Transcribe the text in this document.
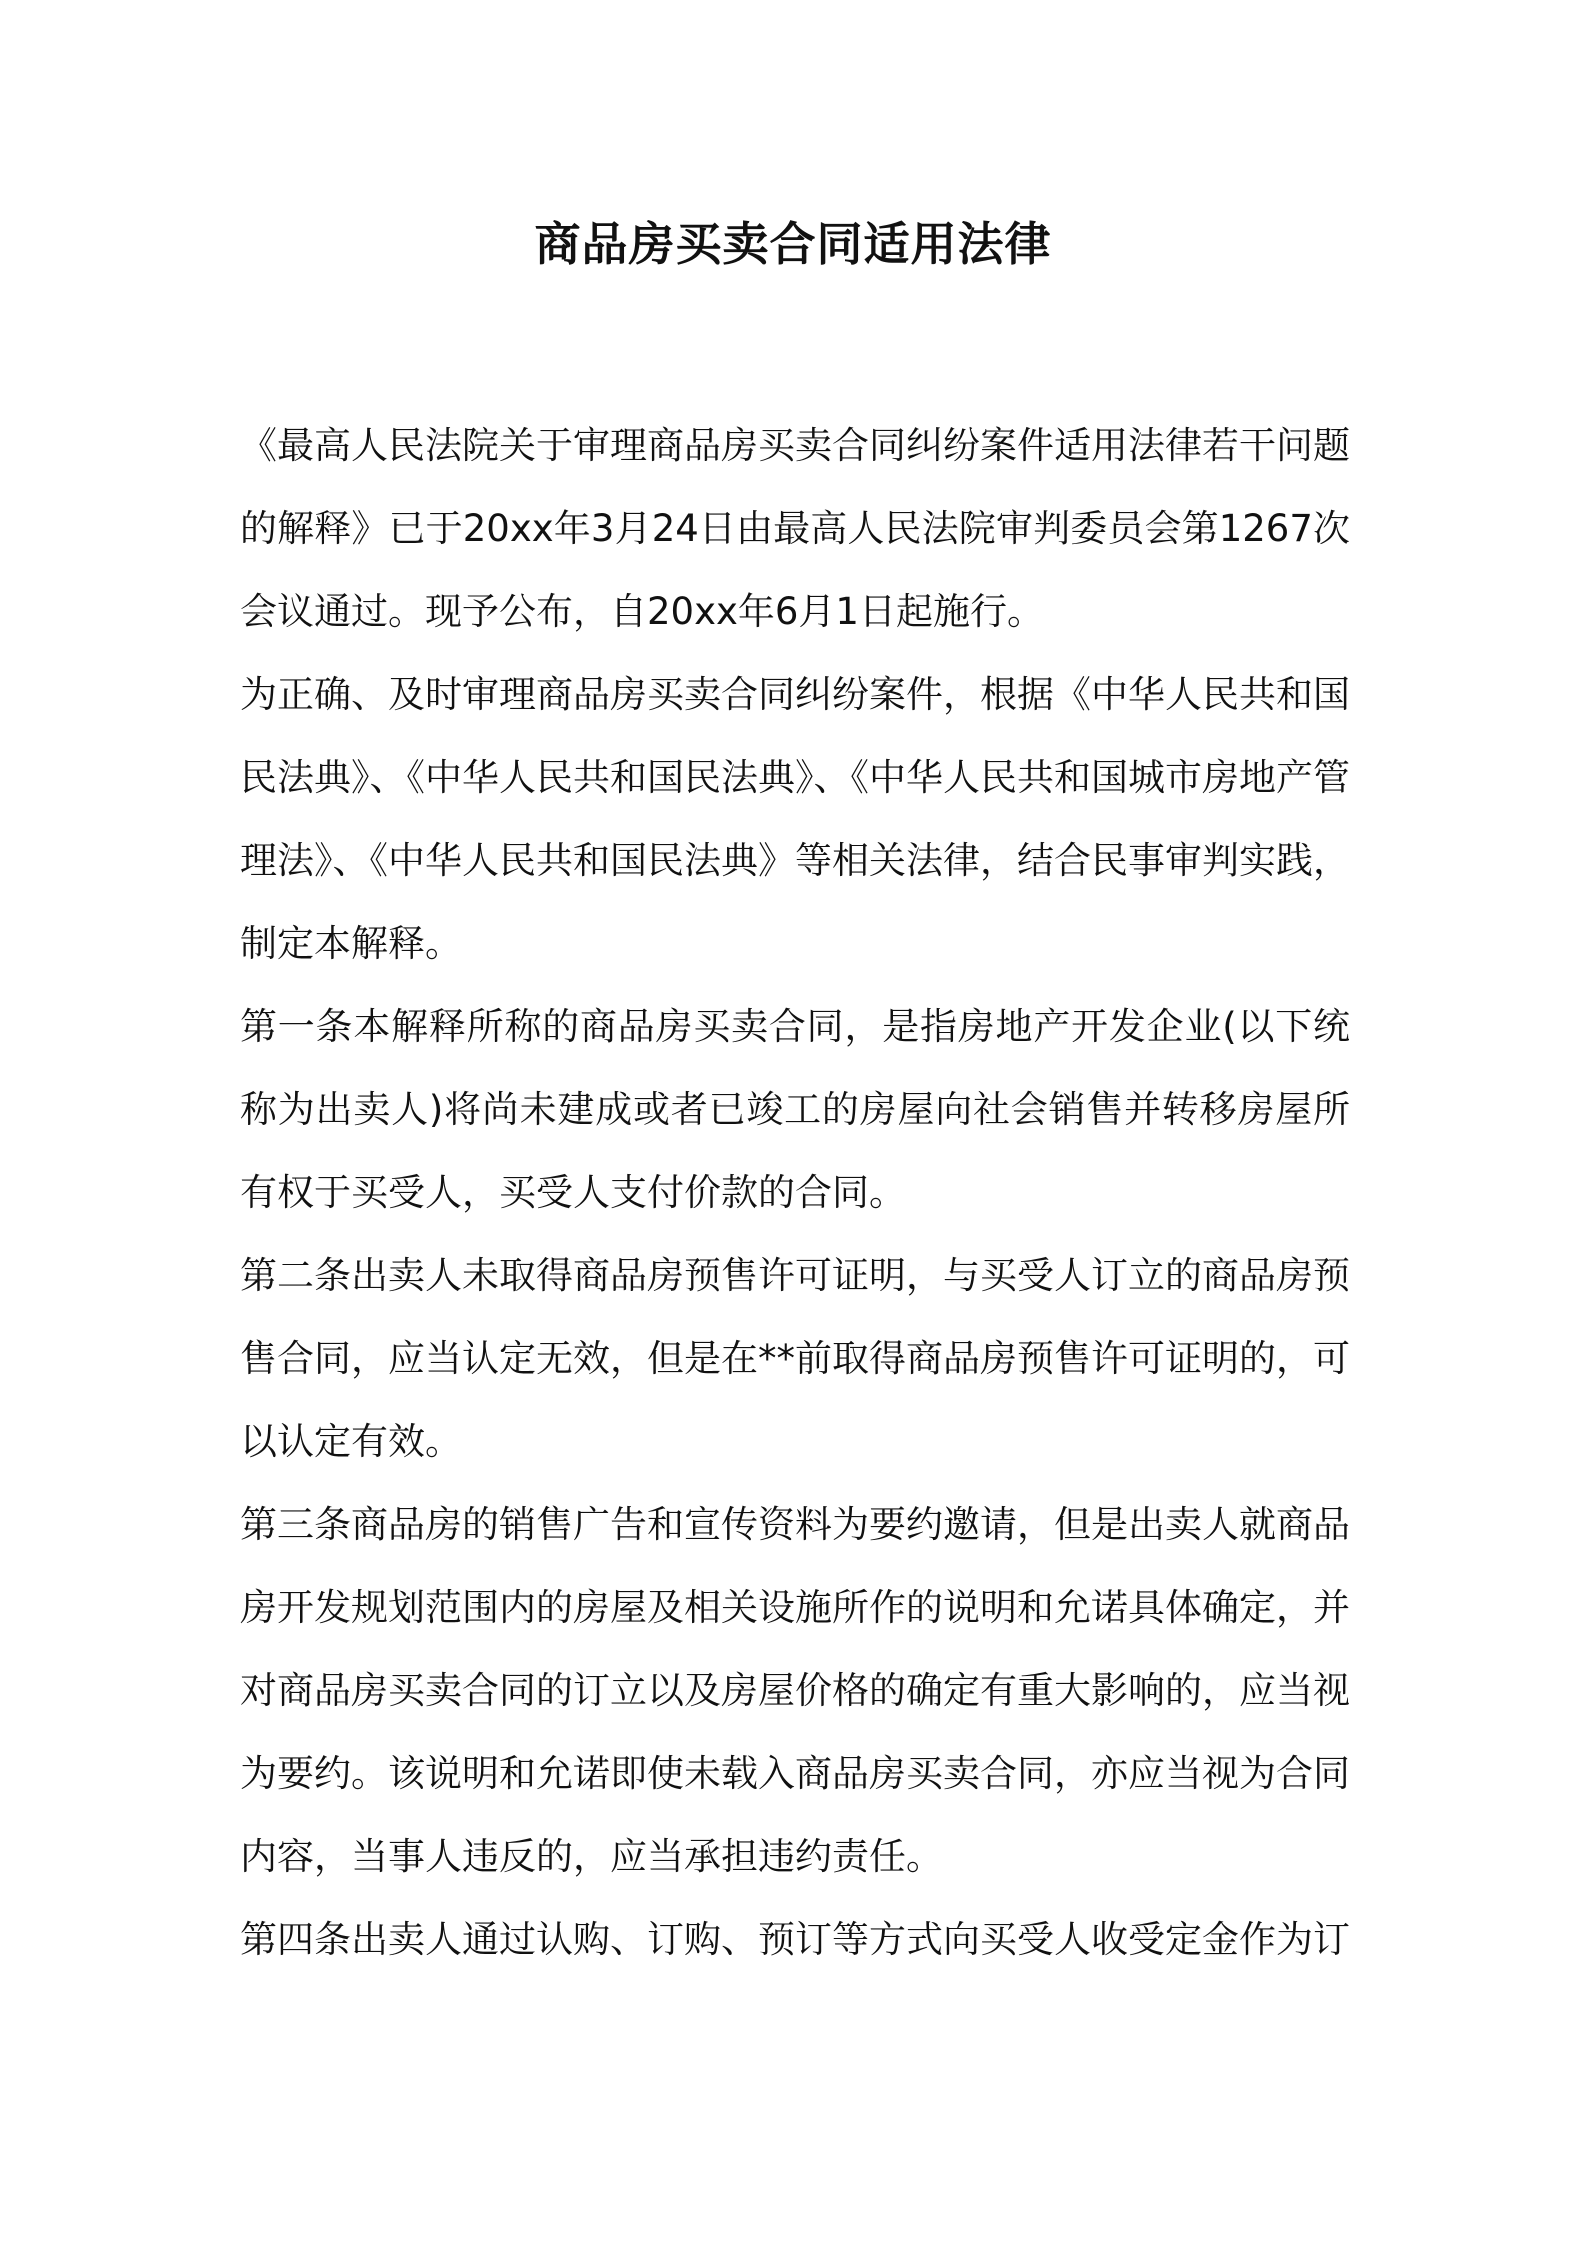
商品房买卖合同适用法律

《最高人民法院关于审理商品房买卖合同纠纷案件适用法律若干问题的解释》已于20xx年3月24日由最高人民法院审判委员会第1267次会议通过。现予公布，自20xx年6月1日起施行。

为正确、及时审理商品房买卖合同纠纷案件，根据《中华人民共和国民法典》、《中华人民共和国民法典》、《中华人民共和国城市房地产管理法》、《中华人民共和国民法典》等相关法律，结合民事审判实践，制定本解释。

第一条本解释所称的商品房买卖合同，是指房地产开发企业(以下统称为出卖人)将尚未建成或者已竣工的房屋向社会销售并转移房屋所有权于买受人，买受人支付价款的合同。

第二条出卖人未取得商品房预售许可证明，与买受人订立的商品房预售合同，应当认定无效，但是在**前取得商品房预售许可证明的，可以认定有效。

第三条商品房的销售广告和宣传资料为要约邀请，但是出卖人就商品房开发规划范围内的房屋及相关设施所作的说明和允诺具体确定，并对商品房买卖合同的订立以及房屋价格的确定有重大影响的，应当视为要约。该说明和允诺即使未载入商品房买卖合同，亦应当视为合同内容，当事人违反的，应当承担违约责任。

第四条出卖人通过认购、订购、预订等方式向买受人收受定金作为订
